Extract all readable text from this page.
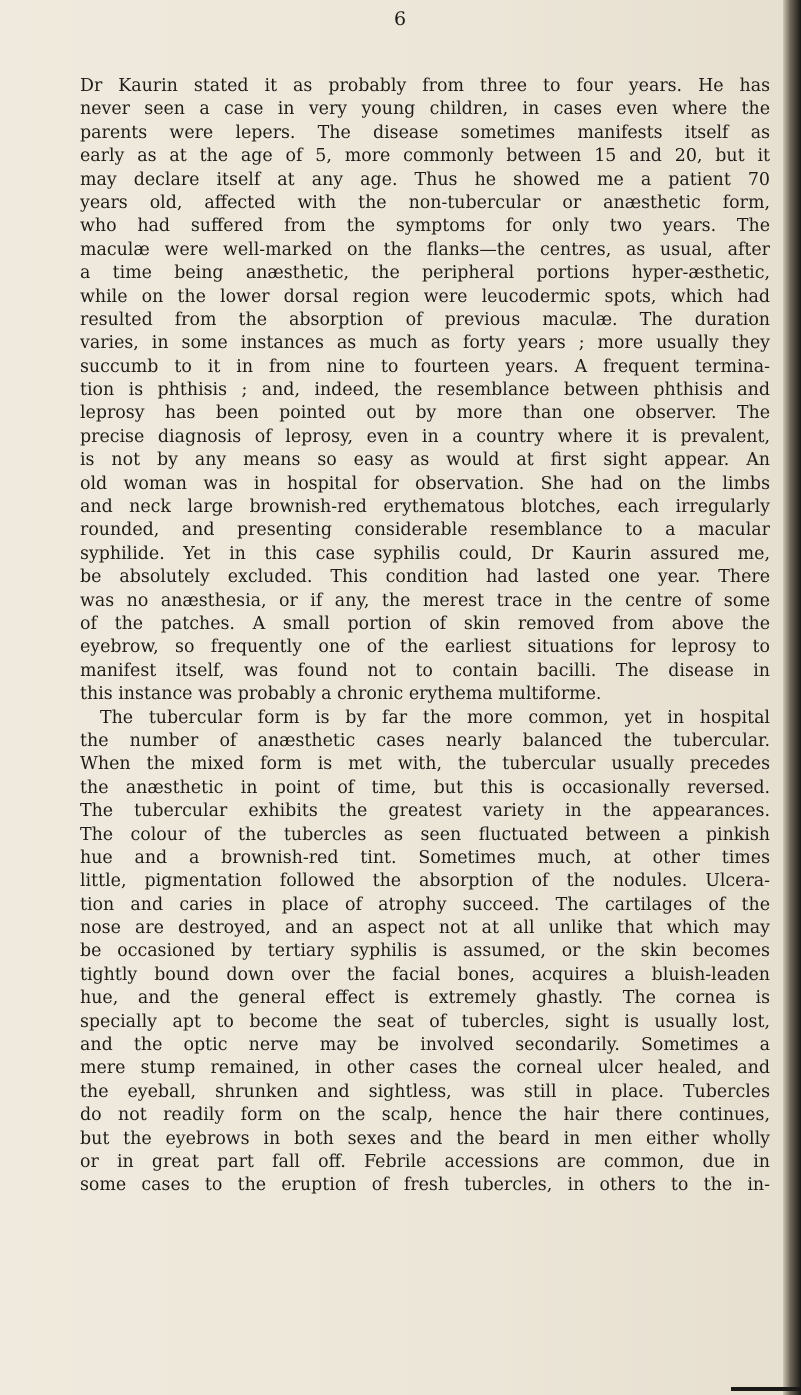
6
Dr Kaurin stated it as probably from three to four years. He has
never seen a case in very young children, in cases even where the
parents were lepers. The disease sometimes manifests itself as
early as at the age of 5, more commonly between 15 and 20, but it
may declare itself at any age. Thus he showed me a patient 70
years old, affected with the non-tubercular or anæsthetic form,
who had suffered from the symptoms for only two years. The
maculæ were well-marked on the flanks—the centres, as usual, after
a time being anæsthetic, the peripheral portions hyper-æsthetic,
while on the lower dorsal region were leucodermic spots, which had
resulted from the absorption of previous maculæ. The duration
varies, in some instances as much as forty years ; more usually they
succumb to it in from nine to fourteen years. A frequent termina-
tion is phthisis ; and, indeed, the resemblance between phthisis and
leprosy has been pointed out by more than one observer. The
precise diagnosis of leprosy, even in a country where it is prevalent,
is not by any means so easy as would at first sight appear. An
old woman was in hospital for observation. She had on the limbs
and neck large brownish-red erythematous blotches, each irregularly
rounded, and presenting considerable resemblance to a macular
syphilide. Yet in this case syphilis could, Dr Kaurin assured me,
be absolutely excluded. This condition had lasted one year. There
was no anæsthesia, or if any, the merest trace in the centre of some
of the patches. A small portion of skin removed from above the
eyebrow, so frequently one of the earliest situations for leprosy to
manifest itself, was found not to contain bacilli. The disease in
this instance was probably a chronic erythema multiforme.
The tubercular form is by far the more common, yet in hospital
the number of anæsthetic cases nearly balanced the tubercular.
When the mixed form is met with, the tubercular usually precedes
the anæsthetic in point of time, but this is occasionally reversed.
The tubercular exhibits the greatest variety in the appearances.
The colour of the tubercles as seen fluctuated between a pinkish
hue and a brownish-red tint. Sometimes much, at other times
little, pigmentation followed the absorption of the nodules. Ulcera-
tion and caries in place of atrophy succeed. The cartilages of the
nose are destroyed, and an aspect not at all unlike that which may
be occasioned by tertiary syphilis is assumed, or the skin becomes
tightly bound down over the facial bones, acquires a bluish-leaden
hue, and the general effect is extremely ghastly. The cornea is
specially apt to become the seat of tubercles, sight is usually lost,
and the optic nerve may be involved secondarily. Sometimes a
mere stump remained, in other cases the corneal ulcer healed, and
the eyeball, shrunken and sightless, was still in place. Tubercles
do not readily form on the scalp, hence the hair there continues,
but the eyebrows in both sexes and the beard in men either wholly
or in great part fall off. Febrile accessions are common, due in
some cases to the eruption of fresh tubercles, in others to the in-
